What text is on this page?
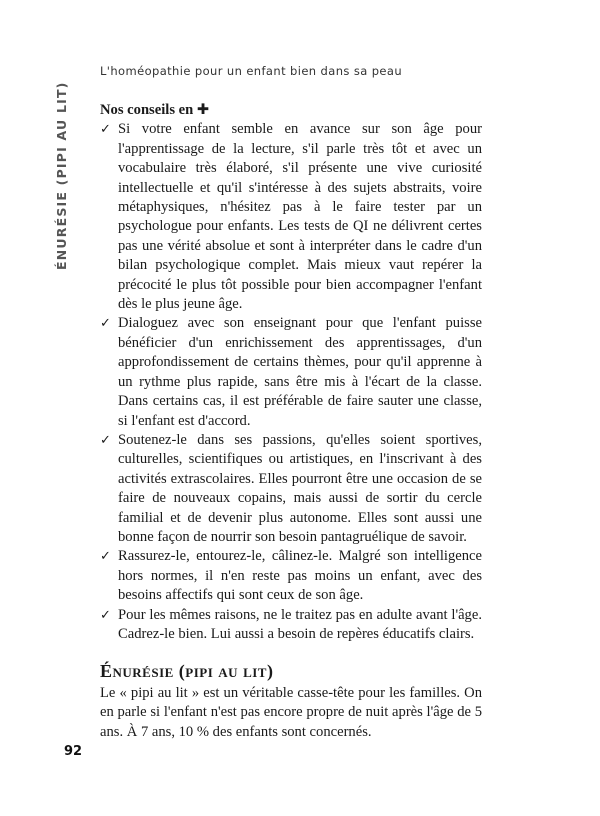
L'homéopathie pour un enfant bien dans sa peau
ÉNURÉSIE (PIPI AU LIT) Nos conseils en ✚

✓ Si votre enfant semble en avance sur son âge pour l'apprentissage de la lecture, s'il parle très tôt et avec un vocabulaire très élaboré, s'il présente une vive curiosité intellectuelle et qu'il s'intéresse à des sujets abstraits, voire métaphysiques, n'hésitez pas à le faire tester par un psychologue pour enfants. Les tests de QI ne délivrent certes pas une vérité absolue et sont à interpréter dans le cadre d'un bilan psychologique complet. Mais mieux vaut repérer la précocité le plus tôt possible pour bien accompagner l'enfant dès le plus jeune âge.
✓ Dialoguez avec son enseignant pour que l'enfant puisse bénéficier d'un enrichissement des apprentissages, d'un approfondissement de certains thèmes, pour qu'il apprenne à un rythme plus rapide, sans être mis à l'écart de la classe. Dans certains cas, il est préférable de faire sauter une classe, si l'enfant est d'accord.
✓ Soutenez-le dans ses passions, qu'elles soient sportives, culturelles, scientifiques ou artistiques, en l'inscrivant à des activités extrascolaires. Elles pourront être une occasion de se faire de nouveaux copains, mais aussi de sortir du cercle familial et de devenir plus autonome. Elles sont aussi une bonne façon de nourrir son besoin pantagruélique de savoir.
✓ Rassurez-le, entourez-le, câlinez-le. Malgré son intelligence hors normes, il n'en reste pas moins un enfant, avec des besoins affectifs qui sont ceux de son âge.
✓ Pour les mêmes raisons, ne le traitez pas en adulte avant l'âge. Cadrez-le bien. Lui aussi a besoin de repères éducatifs clairs.
Énurésie (pipi au lit)

Le « pipi au lit » est un véritable casse-tête pour les familles. On en parle si l'enfant n'est pas encore propre de nuit après l'âge de 5 ans. À 7 ans, 10 % des enfants sont concernés.

92
